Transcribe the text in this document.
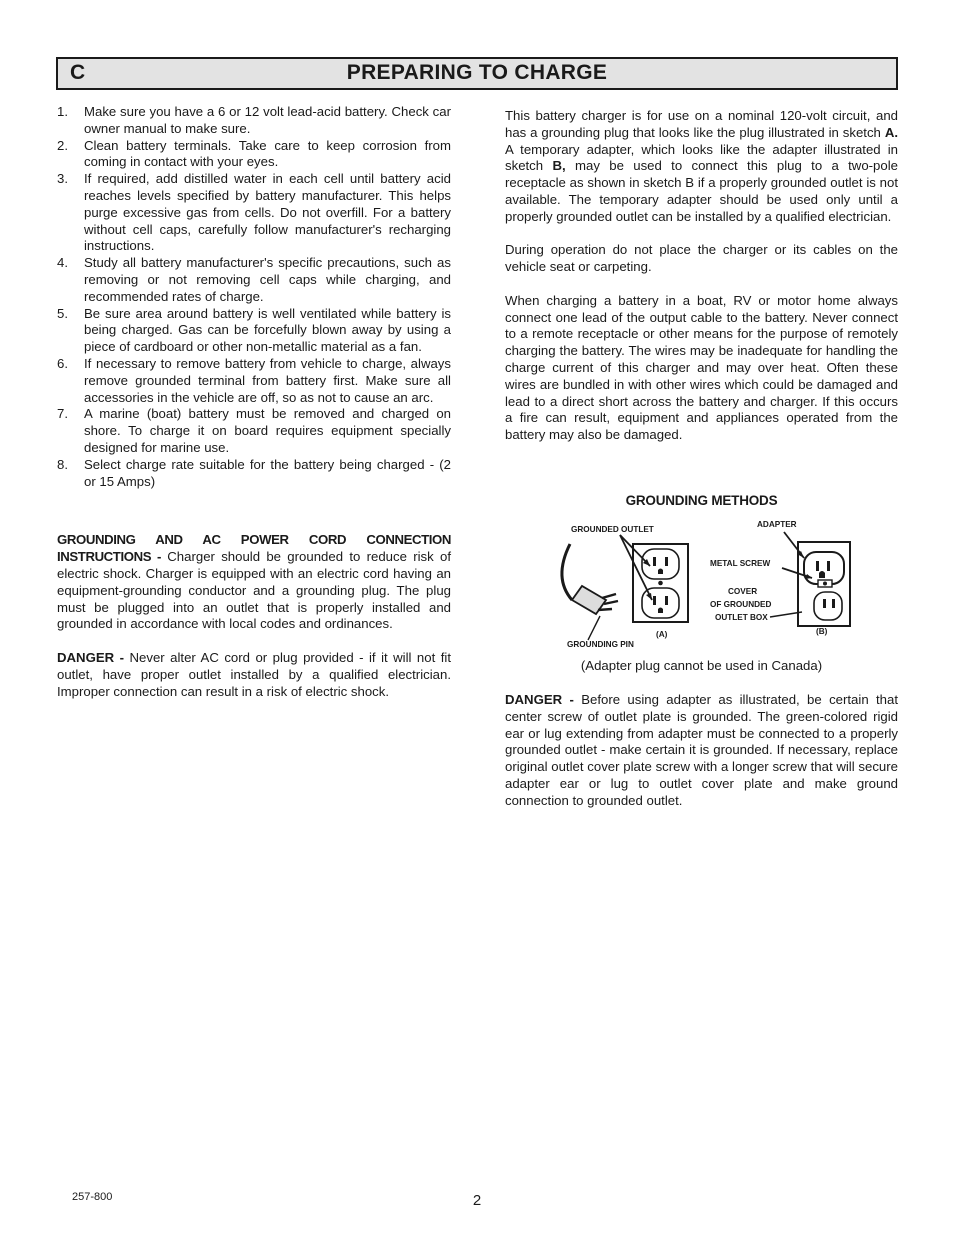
C	PREPARING TO CHARGE
1. Make sure you have a 6 or 12 volt lead-acid battery. Check car owner manual to make sure.
2. Clean battery terminals. Take care to keep corrosion from coming in contact with your eyes.
3. If required, add distilled water in each cell until battery acid reaches levels specified by battery manufacturer. This helps purge excessive gas from cells. Do not overfill. For a battery without cell caps, carefully follow manufacturer's recharging instructions.
4. Study all battery manufacturer's specific precautions, such as removing or not removing cell caps while charging, and recommended rates of charge.
5. Be sure area around battery is well ventilated while battery is being charged. Gas can be forcefully blown away by using a piece of cardboard or other non-metallic material as a fan.
6. If necessary to remove battery from vehicle to charge, always remove grounded terminal from battery first. Make sure all accessories in the vehicle are off, so as not to cause an arc.
7. A marine (boat) battery must be removed and charged on shore. To charge it on board requires equipment specially designed for marine use.
8. Select charge rate suitable for the battery being charged - (2 or 15 Amps)

GROUNDING AND AC POWER CORD CONNECTION INSTRUCTIONS - Charger should be grounded to reduce risk of electric shock. Charger is equipped with an electric cord having an equipment-grounding conductor and a grounding plug. The plug must be plugged into an outlet that is properly installed and grounded in accordance with local codes and ordinances.

DANGER - Never alter AC cord or plug provided - if it will not fit outlet, have proper outlet installed by a qualified electrician. Improper connection can result in a risk of electric shock.

This battery charger is for use on a nominal 120-volt circuit, and has a grounding plug that looks like the plug illustrated in sketch A. A temporary adapter, which looks like the adapter illustrated in sketch B, may be used to connect this plug to a two-pole receptacle as shown in sketch B if a properly grounded outlet is not available. The temporary adapter should be used only until a properly grounded outlet can be installed by a qualified electrician.

During operation do not place the charger or its cables on the vehicle seat or carpeting.

When charging a battery in a boat, RV or motor home always connect one lead of the output cable to the battery. Never connect to a remote receptacle or other means for the purpose of remotely charging the battery. The wires may be inadequate for handling the charge current of this charger and may over heat. Often these wires are bundled in with other wires which could be damaged and lead to a direct short across the battery and charger. If this occurs a fire can result, equipment and appliances operated from the battery may also be damaged.

GROUNDING METHODS
GROUNDED OUTLET
GROUNDING PIN
(A)
ADAPTER
METAL SCREW
COVER
OF GROUNDED
OUTLET BOX
(B)
(Adapter plug cannot be used in Canada)
DANGER - Before using adapter as illustrated, be certain that center screw of outlet plate is grounded. The green-colored rigid ear or lug extending from adapter must be connected to a properly grounded outlet - make certain it is grounded. If necessary, replace original outlet cover plate screw with a longer screw that will secure adapter ear or lug to outlet cover plate and make ground connection to grounded outlet.
257-800	2
